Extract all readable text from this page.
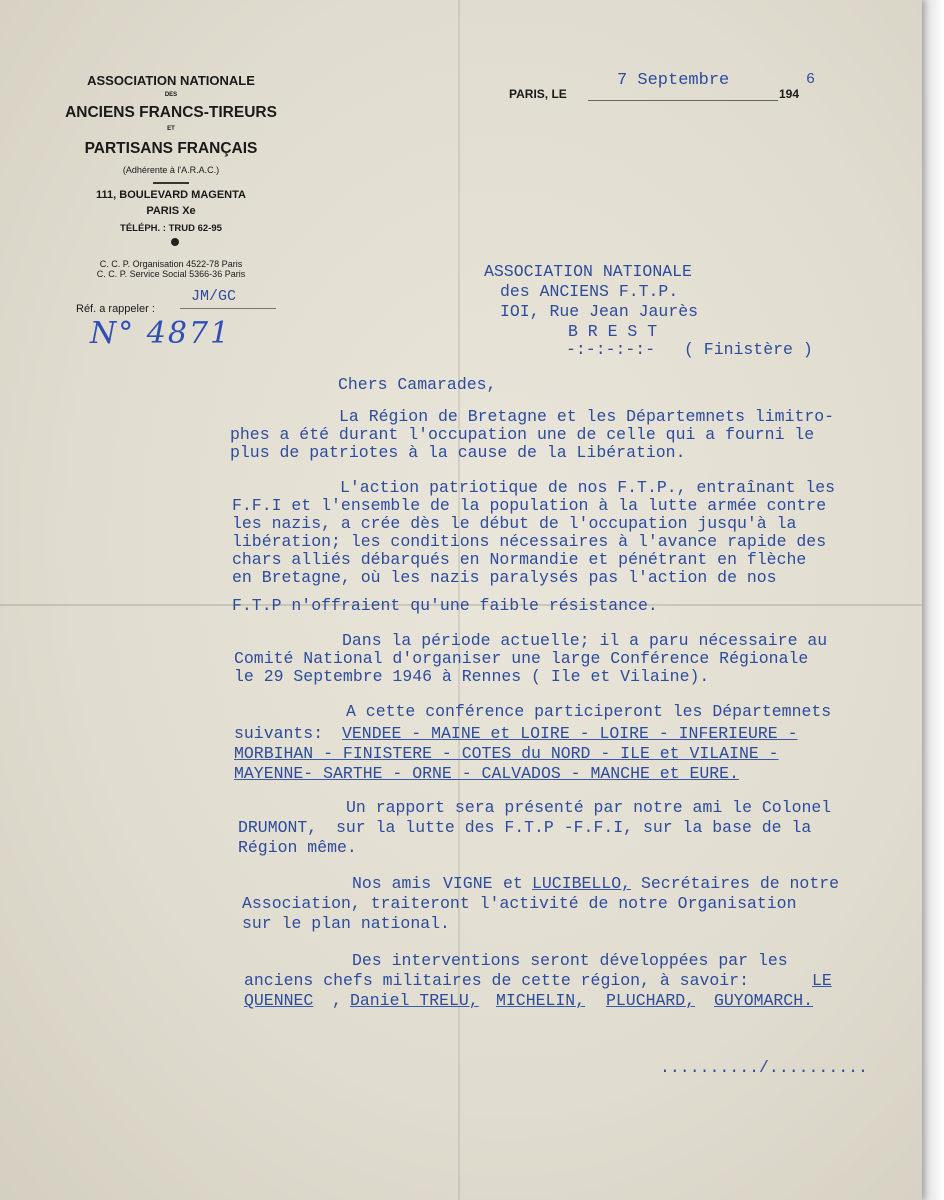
ASSOCIATION NATIONALE
DES
ANCIENS FRANCS-TIREURS
ET
PARTISANS FRANÇAIS
(Adhérente à l'A.R.A.C.)
111, BOULEVARD MAGENTA
PARIS Xe
TÉLÉPH. : TRUD 62-95
C. C. P. Organisation 4522-78 Paris
C. C. P. Service Social 5366-36 Paris
Réf. a rappeler :
JM/GC
N° 4871
PARIS, LE
7 Septembre
194
6
ASSOCIATION NATIONALE
des ANCIENS F.T.P.
IOI, Rue Jean Jaurès
B R E S T
-:-:-:-:- ( Finistère )
Chers Camarades,
La Région de Bretagne et les Départemnets limitro-
phes a été durant l'occupation une de celle qui a fourni le
plus de patriotes à la cause de la Libération.
L'action patriotique de nos F.T.P., entraînant les
F.F.I et l'ensemble de la population à la lutte armée contre
les nazis, a crée dès le début de l'occupation jusqu'à la
libération; les conditions nécessaires à l'avance rapide des
chars alliés débarqués en Normandie et pénétrant en flèche
en Bretagne, où les nazis paralysés pas l'action de nos
F.T.P n'offraient qu'une faible résistance.
Dans la période actuelle; il a paru nécessaire au
Comité National d'organiser une large Conférence Régionale
le 29 Septembre 1946 à Rennes ( Ile et Vilaine).
A cette conférence participeront les Départemnets
suivants: VENDEE - MAINE et LOIRE - LOIRE - INFERIEURE -
MORBIHAN - FINISTERE - COTES du NORD - ILE et VILAINE -
MAYENNE- SARTHE - ORNE - CALVADOS - MANCHE et EURE.
Un rapport sera présenté par notre ami le Colonel
DRUMONT, sur la lutte des F.T.P -F.F.I, sur la base de la
Région même.
Nos amis VIGNE et LUCIBELLO, Secrétaires de notre
Association, traiteront l'activité de notre Organisation
sur le plan national.
Des interventions seront développées par les
anciens chefs militaires de cette région, à savoir:	LE
QUENNEC , Daniel TRELU, MICHELIN, PLUCHARD, GUYOMARCH.
........../..........
